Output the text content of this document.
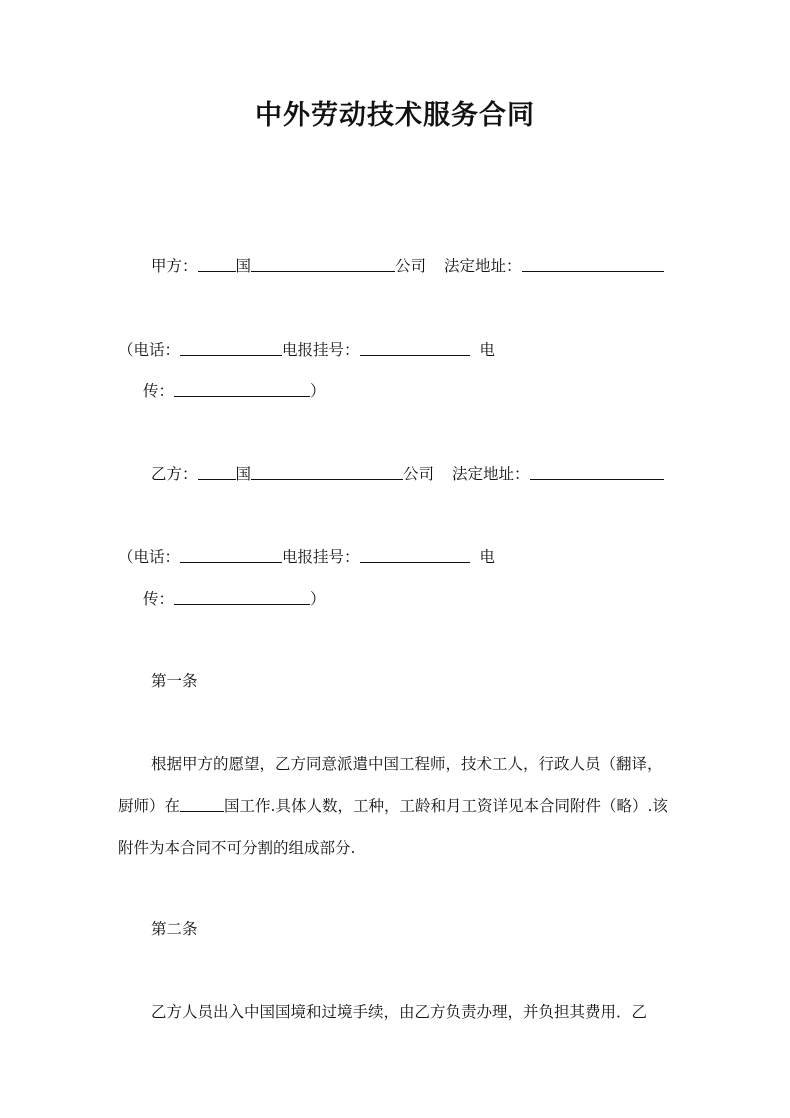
中外劳动技术服务合同
甲方： 国	公司 法定地址：
（电话：	电报挂号：	电
传：	）
乙方： 国	公司 法定地址：
（电话：	电报挂号：	电
传：	）
第一条
根据甲方的愿望，乙方同意派遣中国工程师，技术工人，行政人员（翻译，
厨师）在	国工作.具体人数，工种，工龄和月工资详见本合同附件（略）.该
附件为本合同不可分割的组成部分.
第二条
乙方人员出入中国国境和过境手续，由乙方负责办理，并负担其费用．乙
